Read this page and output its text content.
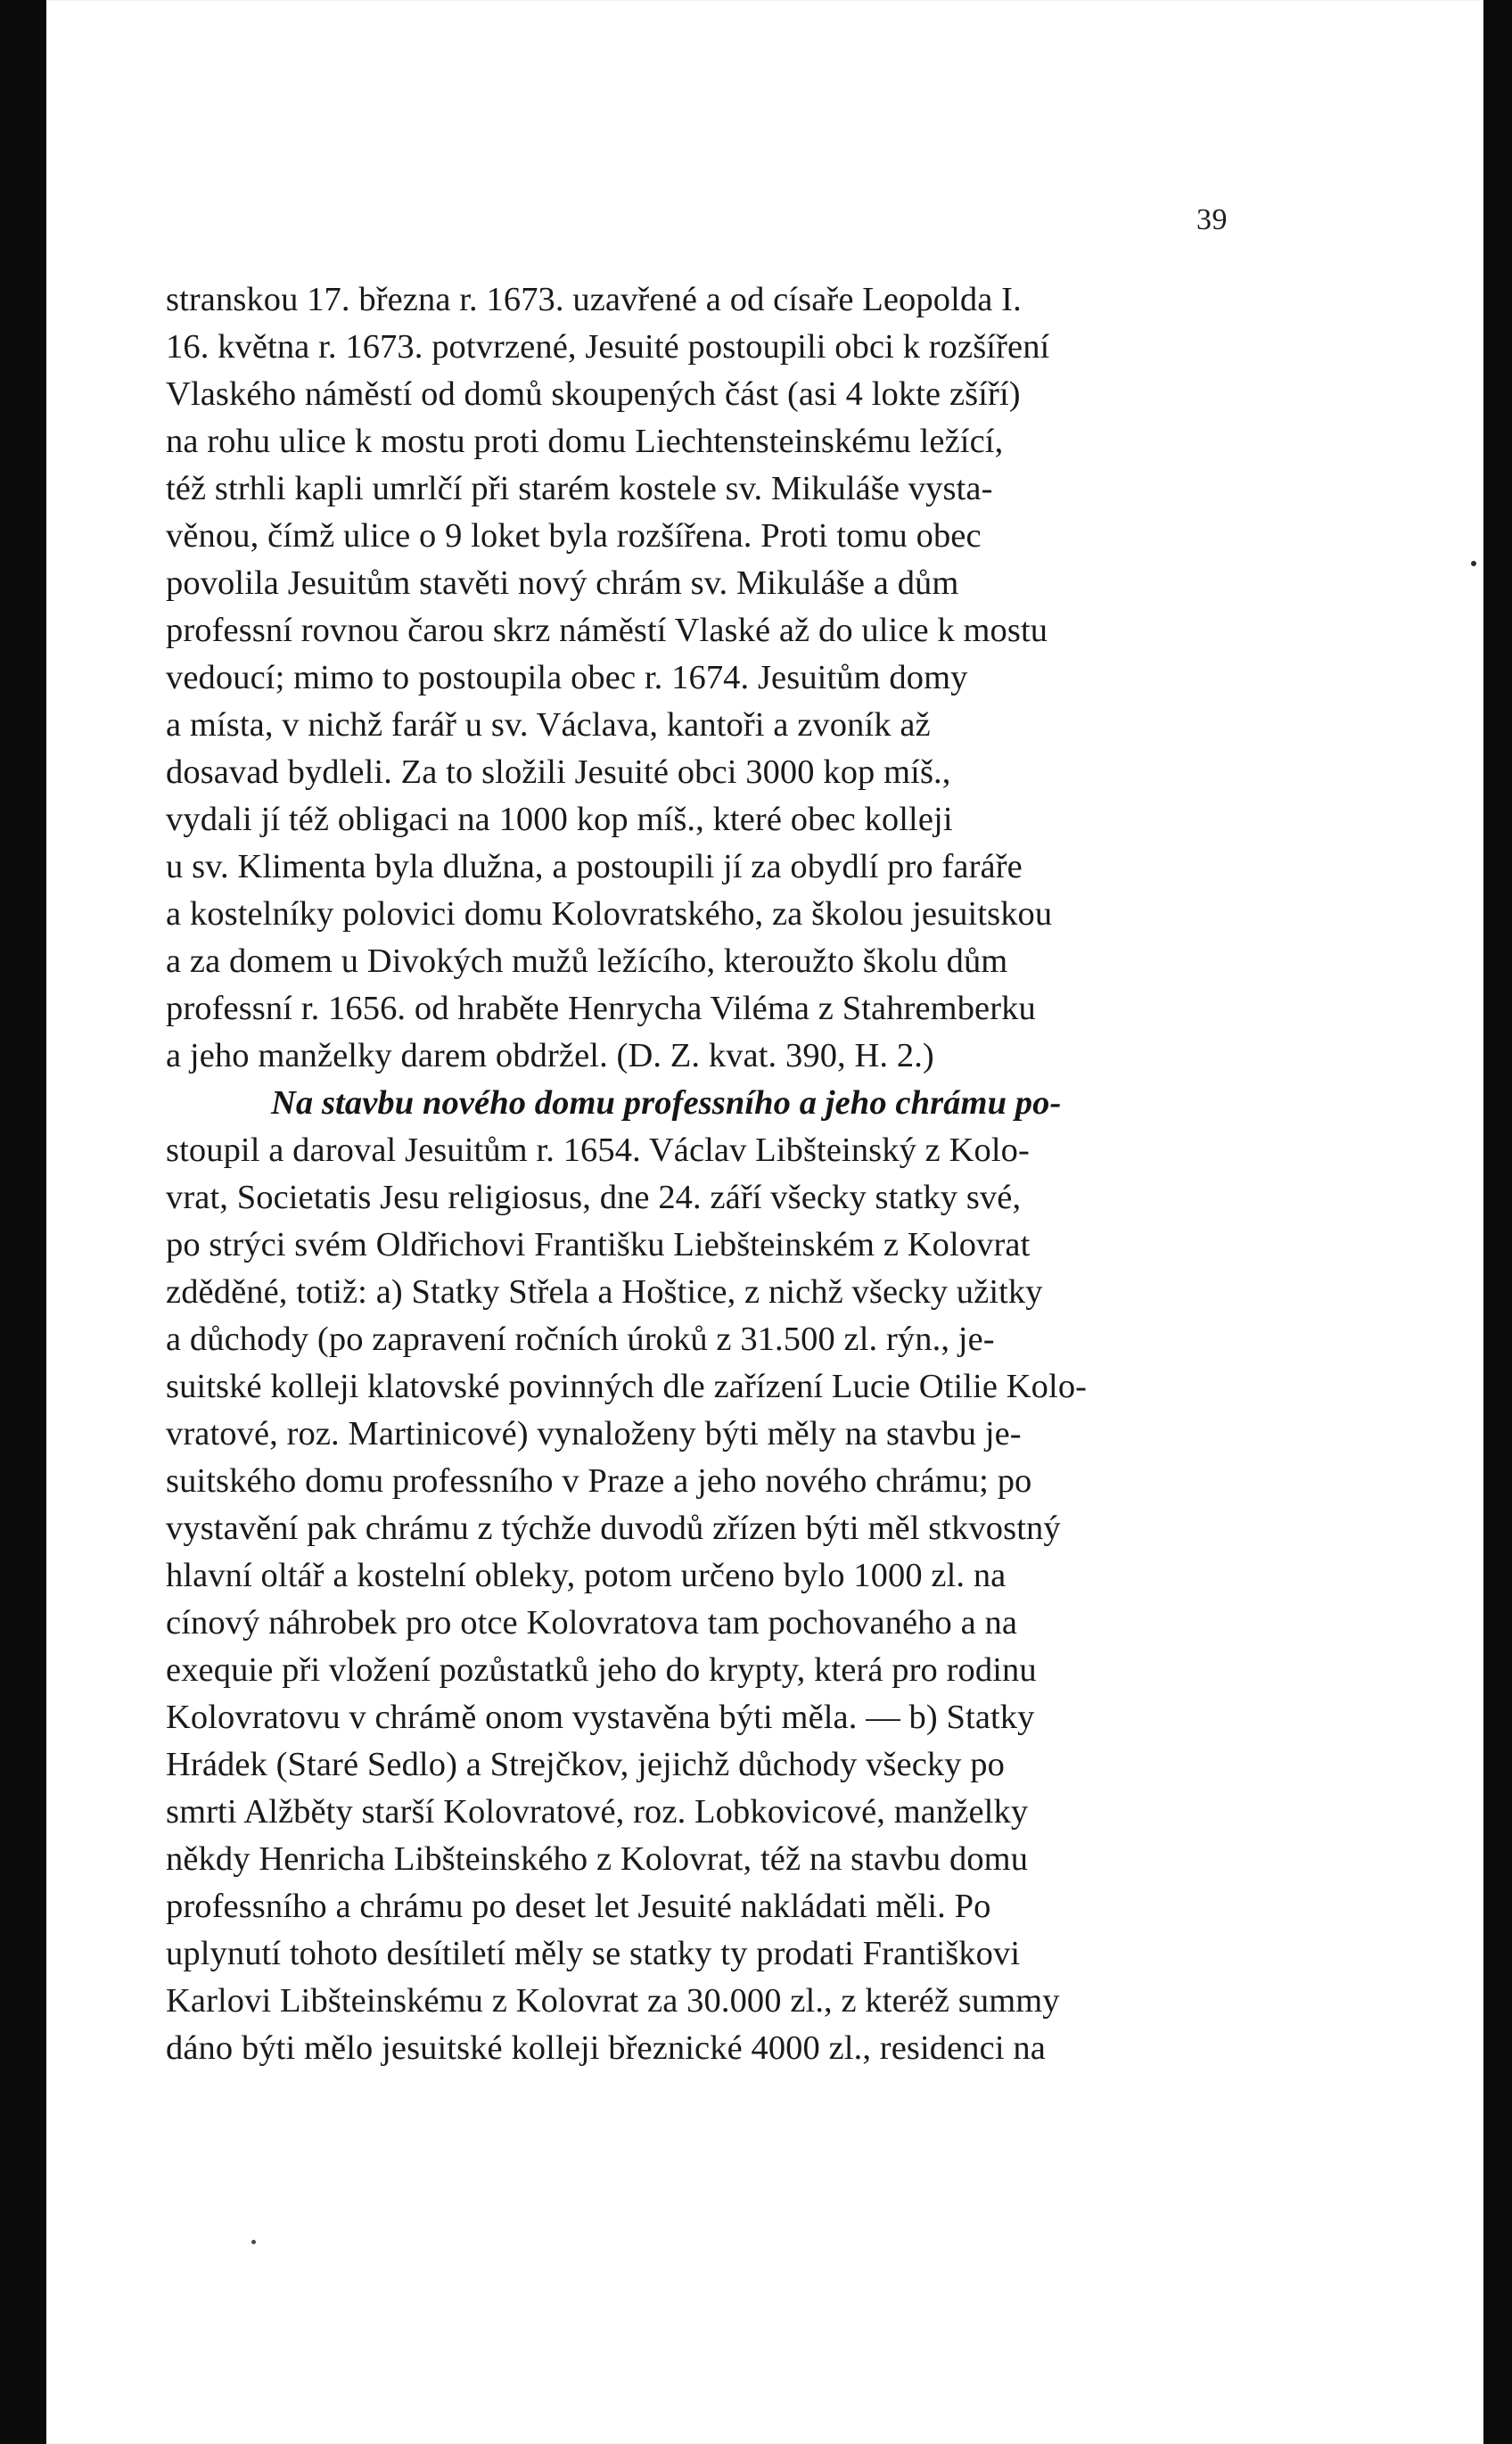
39
stranskou 17. března r. 1673. uzavřené a od císaře Leopolda I.
16. května r. 1673. potvrzené, Jesuité postoupili obci k rozšíření
Vlaského náměstí od domů skoupených část (asi 4 lokte zšíří)
na rohu ulice k mostu proti domu Liechtensteinskému ležící,
též strhli kapli umrlčí při starém kostele sv. Mikuláše vysta-
věnou, čímž ulice o 9 loket byla rozšířena. Proti tomu obec
povolila Jesuitům stavěti nový chrám sv. Mikuláše a dům
professní rovnou čarou skrz náměstí Vlaské až do ulice k mostu
vedoucí; mimo to postoupila obec r. 1674. Jesuitům domy
a místa, v nichž farář u sv. Václava, kantoři a zvoník až
dosavad bydleli. Za to složili Jesuité obci 3000 kop míš.,
vydali jí též obligaci na 1000 kop míš., které obec kolleji
u sv. Klimenta byla dlužna, a postoupili jí za obydlí pro faráře
a kostelníky polovici domu Kolovratského, za školou jesuitskou
a za domem u Divokých mužů ležícího, kteroužto školu dům
professní r. 1656. od hraběte Henrycha Viléma z Stahremberku
a jeho manželky darem obdržel. (D. Z. kvat. 390, H. 2.)
Na stavbu nového domu professního a jeho chrámu po-
stoupil a daroval Jesuitům r. 1654. Václav Libšteinský z Kolo-
vrat, Societatis Jesu religiosus, dne 24. září všecky statky své,
po strýci svém Oldřichovi Františku Liebšteinském z Kolovrat
zděděné, totiž: a) Statky Střela a Hoštice, z nichž všecky užitky
a důchody (po zapravení ročních úroků z 31.500 zl. rýn., je-
suitské kolleji klatovské povinných dle zařízení Lucie Otilie Kolo-
vratové, roz. Martinicové) vynaloženy býti měly na stavbu je-
suitského domu professního v Praze a jeho nového chrámu; po
vystavění pak chrámu z týchže duvodů zřízen býti měl stkvostný
hlavní oltář a kostelní obleky, potom určeno bylo 1000 zl. na
cínový náhrobek pro otce Kolovratova tam pochovaného a na
exequie při vložení pozůstatků jeho do krypty, která pro rodinu
Kolovratovu v chrámě onom vystavěna býti měla. — b) Statky
Hrádek (Staré Sedlo) a Strejčkov, jejichž důchody všecky po
smrti Alžběty starší Kolovratové, roz. Lobkovicové, manželky
někdy Henricha Libšteinského z Kolovrat, též na stavbu domu
professního a chrámu po deset let Jesuité nakládati měli. Po
uplynutí tohoto desítiletí měly se statky ty prodati Františkovi
Karlovi Libšteinskému z Kolovrat za 30.000 zl., z kteréž summy
dáno býti mělo jesuitské kolleji březnické 4000 zl., residenci na
